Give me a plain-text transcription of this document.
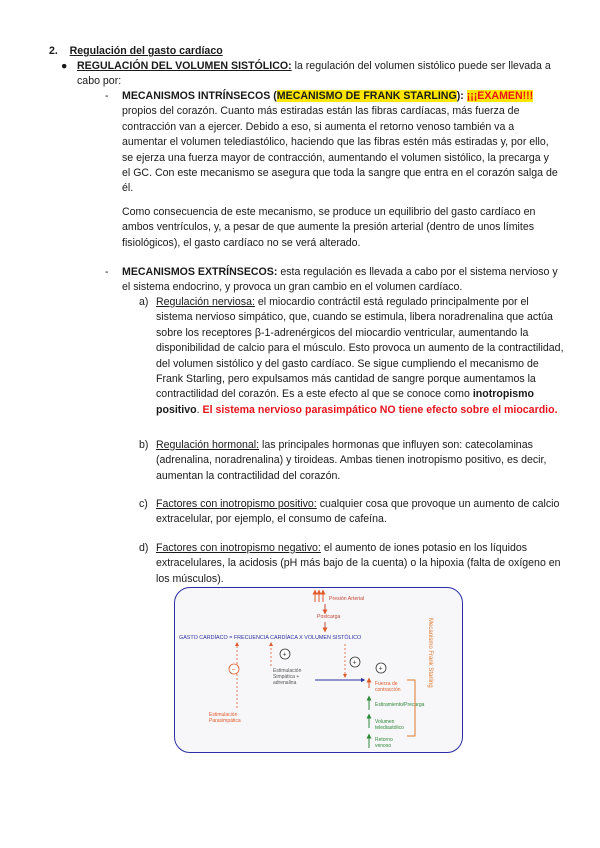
2. Regulación del gasto cardíaco
● REGULACIÓN DEL VOLUMEN SISTÓLICO: la regulación del volumen sistólico puede ser llevada a cabo por:
- MECANISMOS INTRÍNSECOS (MECANISMO DE FRANK STARLING): ¡¡¡EXAMEN!!! propios del corazón. Cuanto más estiradas están las fibras cardíacas, más fuerza de contracción van a ejercer. Debido a eso, si aumenta el retorno venoso también va a aumentar el volumen telediastólico, haciendo que las fibras estén más estiradas y, por ello, se ejerza una fuerza mayor de contracción, aumentando el volumen sistólico, la precarga y el GC. Con este mecanismo se asegura que toda la sangre que entra en el corazón salga de él.
Como consecuencia de este mecanismo, se produce un equilibrio del gasto cardíaco en ambos ventrículos, y, a pesar de que aumente la presión arterial (dentro de unos límites fisiológicos), el gasto cardíaco no se verá alterado.
- MECANISMOS EXTRÍNSECOS: esta regulación es llevada a cabo por el sistema nervioso y el sistema endocrino, y provoca un gran cambio en el volumen cardíaco.
a) Regulación nerviosa: el miocardio contráctil está regulado principalmente por el sistema nervioso simpático, que, cuando se estimula, libera noradrenalina que actúa sobre los receptores β-1-adrenérgicos del miocardio ventricular, aumentando la disponibilidad de calcio para el músculo. Esto provoca un aumento de la contractilidad, del volumen sistólico y del gasto cardíaco. Se sigue cumpliendo el mecanismo de Frank Starling, pero expulsamos más cantidad de sangre porque aumentamos la contractilidad del corazón. Es a este efecto al que se conoce como inotropismo positivo. El sistema nervioso parasimpático NO tiene efecto sobre el miocardio.
b) Regulación hormonal: las principales hormonas que influyen son: catecolaminas (adrenalina, noradrenalina) y tiroideas. Ambas tienen inotropismo positivo, es decir, aumentan la contractilidad del corazón.
c) Factores con inotropismo positivo: cualquier cosa que provoque un aumento de calcio extracelular, por ejemplo, el consumo de cafeína.
d) Factores con inotropismo negativo: el aumento de iones potasio en los líquidos extracelulares, la acidosis (pH más bajo de la cuenta) o la hipoxia (falta de oxígeno en los músculos).
Presión Arterial
Postcarga
GASTO CARDÍACO = FRECUENCIA CARDÍACA X VOLUMEN SISTÓLICO
+
−	Estimulación Simpática + adrenalina
Estimulación Parasimpática
+
+
Fuerza de contracción
Estiramiento/Precarga
Volumen telediastólico
Retorno venoso
Mecanismo Frank Starling
